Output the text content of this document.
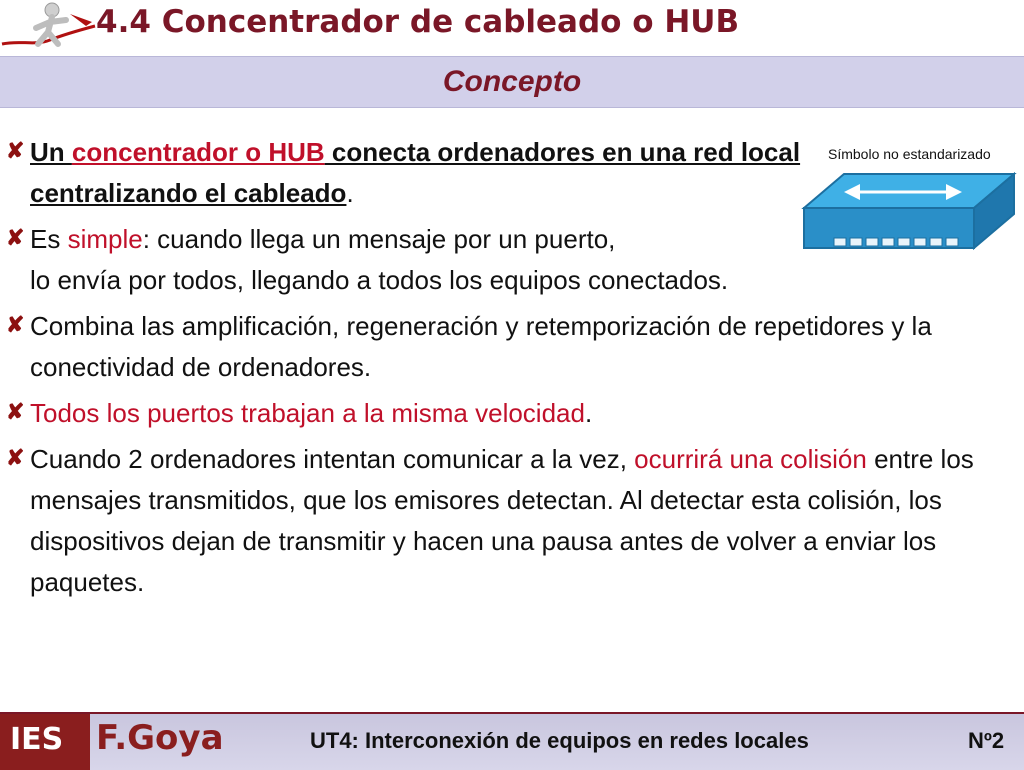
4.4 Concentrador de cableado o HUB
Concepto
Símbolo no estandarizado
✘ Un concentrador o HUB conecta ordenadores en una red local centralizando el cableado.
✘ Es simple: cuando llega un mensaje por un puerto,
lo envía por todos, llegando a todos los equipos conectados.
✘ Combina las amplificación, regeneración y retemporización de repetidores y la conectividad de ordenadores.
✘ Todos los puertos trabajan a la misma velocidad.
✘ Cuando 2 ordenadores intentan comunicar a la vez, ocurrirá una colisión entre los mensajes transmitidos, que los emisores detectan. Al detectar esta colisión, los dispositivos dejan de transmitir y hacen una pausa antes de volver a enviar los paquetes.
IES F.Goya	UT4: Interconexión de equipos en redes locales	Nº2
